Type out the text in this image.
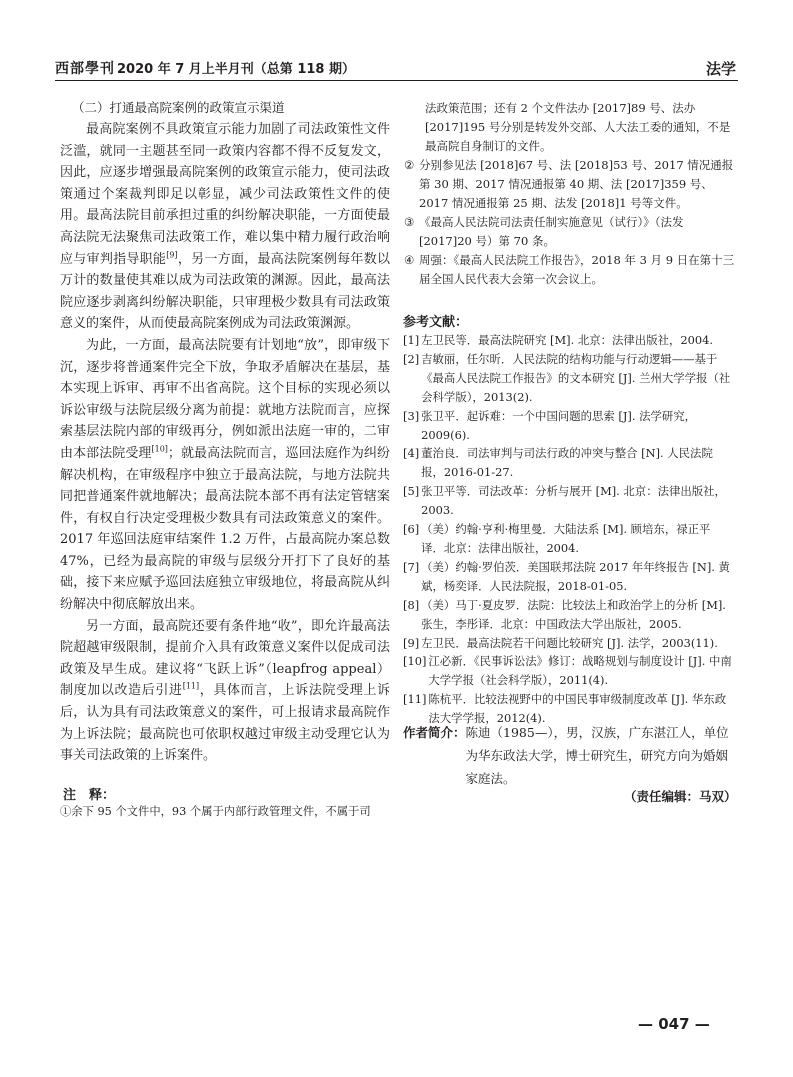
西部學刊 2020 年 7 月上半月刊（总第 118 期）	法学
（二）打通最高院案例的政策宣示渠道

最高院案例不具政策宣示能力加剧了司法政策性文件泛滥，就同一主题甚至同一政策内容都不得不反复发文，因此，应逐步增强最高院案例的政策宣示能力，使司法政策通过个案裁判即足以彰显，减少司法政策性文件的使用。最高法院目前承担过重的纠纷解决职能，一方面使最高法院无法聚焦司法政策工作，难以集中精力履行政治响应与审判指导职能[9]，另一方面，最高法院案例每年数以万计的数量使其难以成为司法政策的渊源。因此，最高法院应逐步剥离纠纷解决职能，只审理极少数具有司法政策意义的案件，从而使最高院案例成为司法政策渊源。

为此，一方面，最高法院要有计划地“放”，即审级下沉，逐步将普通案件完全下放，争取矛盾解决在基层，基本实现上诉审、再审不出省高院。这个目标的实现必须以诉讼审级与法院层级分离为前提：就地方法院而言，应探索基层法院内部的审级再分，例如派出法庭一审的，二审由本部法院受理[10]；就最高法院而言，巡回法庭作为纠纷解决机构，在审级程序中独立于最高法院，与地方法院共同把普通案件就地解决；最高法院本部不再有法定管辖案件，有权自行决定受理极少数具有司法政策意义的案件。2017 年巡回法庭审结案件 1.2 万件，占最高院办案总数 47%，已经为最高院的审级与层级分开打下了良好的基础，接下来应赋予巡回法庭独立审级地位，将最高院从纠纷解决中彻底解放出来。

另一方面，最高院还要有条件地“收”，即允许最高法院超越审级限制，提前介入具有政策意义案件以促成司法政策及早生成。建议将“飞跃上诉”（leapfrog appeal）制度加以改造后引进[11]，具体而言，上诉法院受理上诉后，认为具有司法政策意义的案件，可上报请求最高院作为上诉法院；最高院也可依职权越过审级主动受理它认为事关司法政策的上诉案件。

注　释：
①余下 95 个文件中，93 个属于内部行政管理文件，不属于司

法政策范围；还有 2 个文件法办 [2017]89 号、法办 [2017]195 号分别是转发外交部、人大法工委的通知，不是最高院自身制订的文件。

② 分别参见法 [2018]67 号、法 [2018]53 号、2017 情况通报第 30 期、2017 情况通报第 40 期、法 [2017]359 号、2017 情况通报第 25 期、法发 [2018]1 号等文件。

③ 《最高人民法院司法责任制实施意见（试行）》（法发 [2017]20 号）第 70 条。

④ 周强：《最高人民法院工作报告》，2018 年 3 月 9 日在第十三届全国人民代表大会第一次会议上。

参考文献：

[1] 左卫民等．最高法院研究 [M]. 北京：法律出版社，2004.

[2] 吉敏丽，任尔昕．人民法院的结构功能与行动逻辑——基于《最高人民法院工作报告》的文本研究 [J]. 兰州大学学报（社会科学版），2013(2).

[3] 张卫平．起诉难：一个中国问题的思索 [J]. 法学研究，2009(6).

[4] 董治良．司法审判与司法行政的冲突与整合 [N]. 人民法院报，2016-01-27.

[5] 张卫平等．司法改革：分析与展开 [M]. 北京：法律出版社，2003.

[6] （美）约翰·亨利·梅里曼．大陆法系 [M]. 顾培东，禄正平译．北京：法律出版社，2004.

[7] （美）约翰·罗伯茨．美国联邦法院 2017 年年终报告 [N]. 黄斌，杨奕译．人民法院报，2018-01-05.

[8] （美）马丁·夏皮罗．法院：比较法上和政治学上的分析 [M]. 张生，李彤译．北京：中国政法大学出版社，2005.

[9] 左卫民．最高法院若干问题比较研究 [J]. 法学，2003(11).

[10] 江必新．《民事诉讼法》修订：战略规划与制度设计 [J]. 中南大学学报（社会科学版），2011(4).

[11] 陈杭平．比较法视野中的中国民事审级制度改革 [J]. 华东政法大学学报，2012(4).

作者简介： 陈迪（1985—），男，汉族，广东湛江人，单位为华东政法大学，博士研究生，研究方向为婚姻家庭法。
（责任编辑：马双）
— 047 —
